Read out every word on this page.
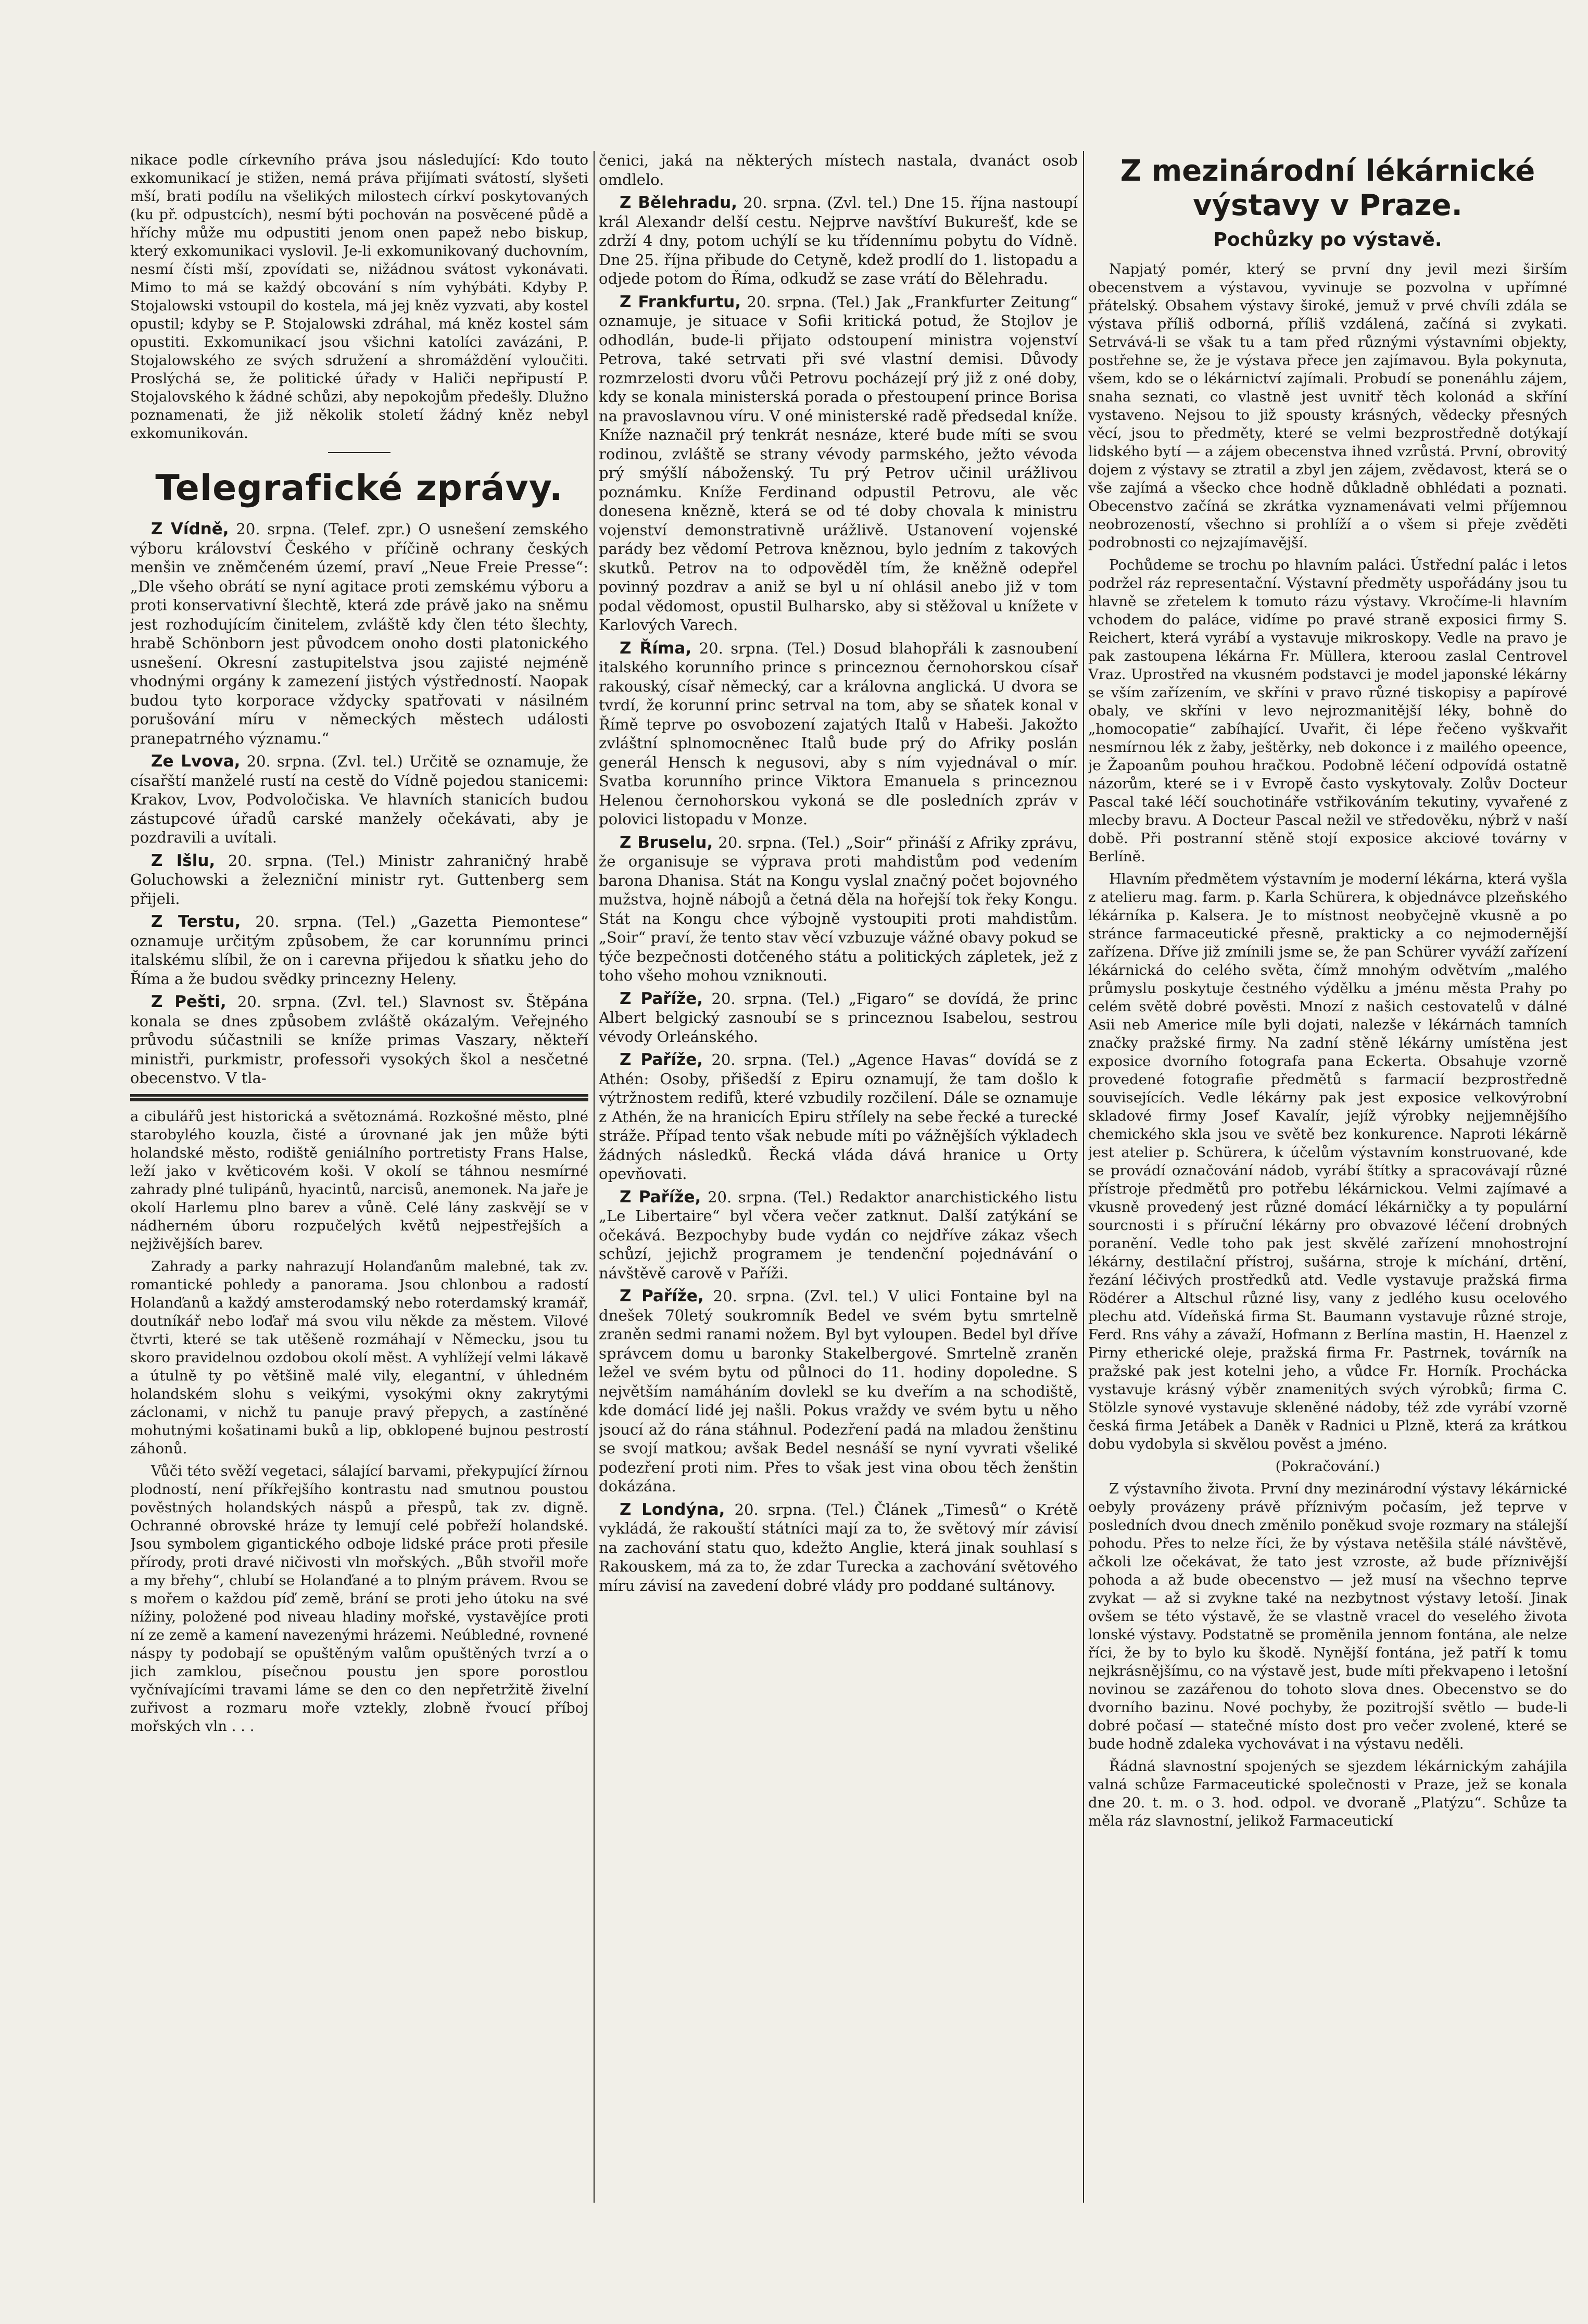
nikace podle církevního práva jsou následující: Kdo touto exkomunikací je stižen, nemá práva přijímati svátostí, slyšeti mší, brati podílu na všelikých milostech církví poskytovaných (ku př. odpustcích), nesmí býti pochován na posvěcené půdě a hříchy může mu odpustiti jenom onen papež nebo biskup, který exkomunikaci vyslovil. Je-li exkomunikovaný duchovním, nesmí čísti mší, zpovídati se, nižádnou svátost vykonávati. Mimo to má se každý obcování s ním vyhýbáti. Kdyby P. Stojalowski vstoupil do kostela, má jej kněz vyzvati, aby kostel opustil; kdyby se P. Stojalowski zdráhal, má kněz kostel sám opustiti. Exkomunikací jsou všichni katolíci zavázáni, P. Stojalowského ze svých sdružení a shromáždění vyloučiti. Proslýchá se, že politické úřady v Haliči nepřipustí P. Stojalovského k žádné schůzi, aby nepokojům předešly. Dlužno poznamenati, že již několik století žádný kněz nebyl exkomunikován.

Telegrafické zprávy.

Z Vídně, 20. srpna. (Telef. zpr.) O usnešení zemského výboru království Českého v příčině ochrany českých menšin ve zněmčeném území, praví „Neue Freie Presse“: „Dle všeho obrátí se nyní agitace proti zemskému výboru a proti konservativní šlechtě, která zde právě jako na sněmu jest rozhodujícím činitelem, zvláště kdy člen této šlechty, hrabě Schönborn jest původcem onoho dosti platonického usnešení. Okresní zastupitelstva jsou zajisté nejméně vhodnými orgány k zamezení jistých výstředností. Naopak budou tyto korporace vždycky spatřovati v násilném porušování míru v německých městech události pranepatrného významu.“

Ze Lvova, 20. srpna. (Zvl. tel.) Určitě se oznamuje, že císařští manželé rustí na cestě do Vídně pojedou stanicemi: Krakov, Lvov, Podvoločiska. Ve hlavních stanicích budou zástupcové úřadů carské manžely očekávati, aby je pozdravili a uvítali.

Z Išlu, 20. srpna. (Tel.) Ministr zahraničný hrabě Goluchowski a železniční ministr ryt. Guttenberg sem přijeli.

Z Terstu, 20. srpna. (Tel.) „Gazetta Piemontese“ oznamuje určitým způsobem, že car korunnímu princi italskému slíbil, že on i carevna přijedou k sňatku jeho do Říma a že budou svědky princezny Heleny.

Z Pešti, 20. srpna. (Zvl. tel.) Slavnost sv. Štěpána konala se dnes způsobem zvláště okázalým. Veřejného průvodu súčastnili se kníže primas Vaszary, někteří ministři, purkmistr, professoři vysokých škol a nesčetné obecenstvo. V tla-

a cibulářů jest historická a světoznámá. Rozkošné město, plné starobylého kouzla, čisté a úrovnané jak jen může býti holandské město, rodiště geniálního portretisty Frans Halse, leží jako v květicovém koši. V okolí se táhnou nesmírné zahrady plné tulipánů, hyacintů, narcisů, anemonek. Na jaře je okolí Harlemu plno barev a vůně. Celé lány zaskvějí se v nádherném úboru rozpučelých květů nejpestřejších a nejživějších barev.

Zahrady a parky nahrazují Holanďanům malebné, tak zv. romantické pohledy a panorama. Jsou chlonbou a radostí Holanďanů a každý amsterodamský nebo roterdamský kramář, doutníkář nebo loďař má svou vilu někde za městem. Vilové čtvrti, které se tak utěšeně rozmáhají v Německu, jsou tu skoro pravidelnou ozdobou okolí měst. A vyhlížejí velmi lákavě a útulně ty po většině malé vily, elegantní, v úhledném holandském slohu s veikými, vysokými okny zakrytými záclonami, v nichž tu panuje pravý přepych, a zastíněné mohutnými košatinami buků a lip, obklopené bujnou pestrostí záhonů.

Vůči této svěží vegetaci, sálající barvami, překypující žírnou plodností, není příkřejšího kontrastu nad smutnou poustou pověstných holandských náspů a přespů, tak zv. digně. Ochranné obrovské hráze ty lemují celé pobřeží holandské. Jsou symbolem gigantického odboje lidské práce proti přesile přírody, proti dravé ničivosti vln mořských. „Bůh stvořil moře a my břehy“, chlubí se Holanďané a to plným právem. Rvou se s mořem o každou píď země, brání se proti jeho útoku na své nížiny, položené pod niveau hladiny mořské, vystavějíce proti ní ze země a kamení navezenými hrázemi. Neúbledné, rovnené náspy ty podobají se opuštěným valům opuštěných tvrzí a o jich zamklou, písečnou poustu jen spore porostlou vyčnívajícími travami láme se den co den nepřetržitě živelní zuřivost a rozmaru moře vztekly, zlobně řvoucí příboj mořských vln . . .

čenici, jaká na některých místech nastala, dvanáct osob omdlelo.

Z Bělehradu, 20. srpna. (Zvl. tel.) Dne 15. října nastoupí král Alexandr delší cestu. Nejprve navštíví Bukurešť, kde se zdrží 4 dny, potom uchýlí se ku třídennímu pobytu do Vídně. Dne 25. října přibude do Cetyně, kdež prodlí do 1. listopadu a odjede potom do Říma, odkudž se zase vrátí do Bělehradu.

Z Frankfurtu, 20. srpna. (Tel.) Jak „Frankfurter Zeitung“ oznamuje, je situace v Sofii kritická potud, že Stojlov je odhodlán, bude-li přijato odstoupení ministra vojenství Petrova, také setrvati při své vlastní demisi. Důvody rozmrzelosti dvoru vůči Petrovu pocházejí prý již z oné doby, kdy se konala ministerská porada o přestoupení prince Borisa na pravoslavnou víru. V oné ministerské radě předsedal kníže. Kníže naznačil prý tenkrát nesnáze, které bude míti se svou rodinou, zvláště se strany vévody parmského, ježto vévoda prý smýšlí náboženský. Tu prý Petrov učinil urážlivou poznámku. Kníže Ferdinand odpustil Petrovu, ale věc donesena knězně, která se od té doby chovala k ministru vojenství demonstrativně urážlivě. Ustanovení vojenské parády bez vědomí Petrova kněznou, bylo jedním z takových skutků. Petrov na to odpověděl tím, že kněžně odepřel povinný pozdrav a aniž se byl u ní ohlásil anebo již v tom podal vědomost, opustil Bulharsko, aby si stěžoval u knížete v Karlových Varech.

Z Říma, 20. srpna. (Tel.) Dosud blahopřáli k zasnoubení italského korunního prince s princeznou černohorskou císař rakouský, císař německý, car a královna anglická. U dvora se tvrdí, že korunní princ setrval na tom, aby se sňatek konal v Římě teprve po osvobození zajatých Italů v Habeši. Jakožto zvláštní splnomocněnec Italů bude prý do Afriky poslán generál Hensch k negusovi, aby s ním vyjednával o mír. Svatba korunního prince Viktora Emanuela s princeznou Helenou černohorskou vykoná se dle posledních zpráv v polovici listopadu v Monze.

Z Bruselu, 20. srpna. (Tel.) „Soir“ přináší z Afriky zprávu, že organisuje se výprava proti mahdistům pod vedením barona Dhanisa. Stát na Kongu vyslal značný počet bojovného mužstva, hojně nábojů a četná děla na hořejší tok řeky Kongu. Stát na Kongu chce výbojně vystoupiti proti mahdistům. „Soir“ praví, že tento stav věcí vzbuzuje vážné obavy pokud se týče bezpečnosti dotčeného státu a politických zápletek, jež z toho všeho mohou vzniknouti.

Z Paříže, 20. srpna. (Tel.) „Figaro“ se dovídá, že princ Albert belgický zasnoubí se s princeznou Isabelou, sestrou vévody Orleánského.

Z Paříže, 20. srpna. (Tel.) „Agence Havas“ dovídá se z Athén: Osoby, přišedší z Epiru oznamují, že tam došlo k výtržnostem redifů, které vzbudily rozčilení. Dále se oznamuje z Athén, že na hranicích Epiru střílely na sebe řecké a turecké stráže. Případ tento však nebude míti po vážnějších výkladech žádných následků. Řecká vláda dává hranice u Orty opevňovati.

Z Paříže, 20. srpna. (Tel.) Redaktor anarchistického listu „Le Libertaire“ byl včera večer zatknut. Další zatýkání se očekává. Bezpochyby bude vydán co nejdříve zákaz všech schůzí, jejichž programem je tendenční pojednávání o návštěvě carově v Paříži.

Z Paříže, 20. srpna. (Zvl. tel.) V ulici Fontaine byl na dnešek 70letý soukromník Bedel ve svém bytu smrtelně zraněn sedmi ranami nožem. Byl byt vyloupen. Bedel byl dříve správcem domu u baronky Stakelbergové. Smrtelně zraněn ležel ve svém bytu od půlnoci do 11. hodiny dopoledne. S největším namáháním dovlekl se ku dveřím a na schodiště, kde domácí lidé jej našli. Pokus vraždy ve svém bytu u něho jsoucí až do rána stáhnul. Podezření padá na mladou ženštinu se svojí matkou; avšak Bedel nesnáší se nyní vyvrati všeliké podezření proti nim. Přes to však jest vina obou těch ženštin dokázána.

Z Londýna, 20. srpna. (Tel.) Článek „Timesů“ o Krétě vykládá, že rakouští státníci mají za to, že světový mír závisí na zachování statu quo, kdežto Anglie, která jinak souhlasí s Rakouskem, má za to, že zdar Turecka a zachování světového míru závisí na zavedení dobré vlády pro poddané sultánovy.

Z mezinárodní lékárnické výstavy v Praze.
Pochůzky po výstavě.

Napjatý pomér, který se první dny jevil mezi širším obecenstvem a výstavou, vyvinuje se pozvolna v upřímné přátelský. Obsahem výstavy široké, jemuž v prvé chvíli zdála se výstava příliš odborná, příliš vzdálená, začíná si zvykati. Setrvává-li se však tu a tam před různými výstavními objekty, postřehne se, že je výstava přece jen zajímavou. Byla pokynuta, všem, kdo se o lékárnictví zajímali. Probudí se ponenáhlu zájem, snaha seznati, co vlastně jest uvnitř těch kolonád a skříní vystaveno. Nejsou to již spousty krásných, vědecky přesných věcí, jsou to předměty, které se velmi bezprostředně dotýkají lidského bytí — a zájem obecenstva ihned vzrůstá. První, obrovitý dojem z výstavy se ztratil a zbyl jen zájem, zvědavost, která se o vše zajímá a všecko chce hodně důkladně obhlédati a poznati. Obecenstvo začíná se zkrátka vyznamenávati velmi příjemnou neobrozeností, všechno si prohlíží a o všem si přeje zvěděti podrobnosti co nejzajímavější.

Pochůdeme se trochu po hlavním paláci. Ústřední palác i letos podržel ráz representační. Výstavní předměty uspořádány jsou tu hlavně se zřetelem k tomuto rázu výstavy. Vkročíme-li hlavním vchodem do paláce, vidíme po pravé straně exposici firmy S. Reichert, která vyrábí a vystavuje mikroskopy. Vedle na pravo je pak zastoupena lékárna Fr. Müllera, kteroou zaslal Centrovel Vraz. Uprostřed na vkusném podstavci je model japonské lékárny se vším zařízením, ve skříni v pravo různé tiskopisy a papírové obaly, ve skříni v levo nejrozmanitější léky, bohně do „homocopatie“ zabíhající. Uvařit, či lépe řečeno vyškvařit nesmírnou lék z žaby, ještěrky, neb dokonce i z mailého opeence, je Žapoanům pouhou hračkou. Podobně léčení odpovídá ostatně názorům, které se i v Evropě často vyskytovaly. Zolův Docteur Pascal také léčí souchotináře vstřikováním tekutiny, vyvařené z mlecby bravu. A Docteur Pascal nežil ve středověku, nýbrž v naší době. Při postranní stěně stojí exposice akciové továrny v Berlíně.

Hlavním předmětem výstavním je moderní lékárna, která vyšla z atelieru mag. farm. p. Karla Schürera, k objednávce plzeňského lékárníka p. Kalsera. Je to místnost neobyčejně vkusně a po stránce farmaceutické přesně, prakticky a co nejmodernější zařízena. Dříve již zmínili jsme se, že pan Schürer vyváží zařízení lékárnická do celého světa, čímž mnohým odvětvím „malého průmyslu poskytuje čestného výdělku a jménu města Prahy po celém světě dobré pověsti. Mnozí z našich cestovatelů v dálné Asii neb Americe míle byli dojati, nalezše v lékárnách tamních značky pražské firmy. Na zadní stěně lékárny umístěna jest exposice dvorního fotografa pana Eckerta. Obsahuje vzorně provedené fotografie předmětů s farmacií bezprostředně souvisejících. Vedle lékárny pak jest exposice velkovýrobní skladové firmy Josef Kavalír, jejíž výrobky nejjemnějšího chemického skla jsou ve světě bez konkurence. Naproti lékárně jest atelier p. Schürera, k účelům výstavním konstruované, kde se provádí označování nádob, vyrábí štítky a spracovávají různé přístroje předmětů pro potřebu lékárnickou. Velmi zajímavé a vkusně provedený jest různé domácí lékárničky a ty populární sourcnosti i s příruční lékárny pro obvazové léčení drobných poranění. Vedle toho pak jest skvělé zařízení mnohostrojní lékárny, destilační přístroj, sušárna, stroje k míchání, drtění, řezání léčivých prostředků atd. Vedle vystavuje pražská firma Rödérer a Altschul různé lisy, vany z jedlého kusu ocelového plechu atd. Vídeňská firma St. Baumann vystavuje různé stroje, Ferd. Rns váhy a závaží, Hofmann z Berlína mastin, H. Haenzel z Pirny etherické oleje, pražská firma Fr. Pastrnek, továrník na pražské pak jest kotelni jeho, a vůdce Fr. Horník. Prochácka vystavuje krásný výběr znamenitých svých výrobků; firma C. Stölzle synové vystavuje skleněné nádoby, též zde vyrábí vzorně česká firma Jetábek a Daněk v Radnici u Plzně, která za krátkou dobu vydobyla si skvělou pověst a jméno.

(Pokračování.)

Z výstavního života. První dny mezinárodní výstavy lékárnické oebyly provázeny právě příznivým počasím, jež teprve v posledních dvou dnech změnilo poněkud svoje rozmary na stálejší pohodu. Přes to nelze říci, že by výstava netěšila stálé návštěvě, ačkoli lze očekávat, že tato jest vzroste, až bude příznivější pohoda a až bude obecenstvo — jež musí na všechno teprve zvykat — až si zvykne také na nezbytnost výstavy letoší. Jinak ovšem se této výstavě, že se vlastně vracel do veselého života lonské výstavy. Podstatně se proměnila jennom fontána, ale nelze říci, že by to bylo ku škodě. Nynější fontána, jež patří k tomu nejkrásnějšímu, co na výstavě jest, bude míti překvapeno i letošní novinou se zazářenou do tohoto slova dnes. Obecenstvo se do dvorního bazinu. Nové pochyby, že pozitrojší světlo — bude-li dobré počasí — statečné místo dost pro večer zvolené, které se bude hodně zdaleka vychovávat i na výstavu neděli.

Řádná slavnostní spojených se sjezdem lékárnickým zahájila valná schůze Farmaceutické společnosti v Praze, jež se konala dne 20. t. m. o 3. hod. odpol. ve dvoraně „Platýzu“. Schůze ta měla ráz slavnostní, jelikož Farmaceutickí
